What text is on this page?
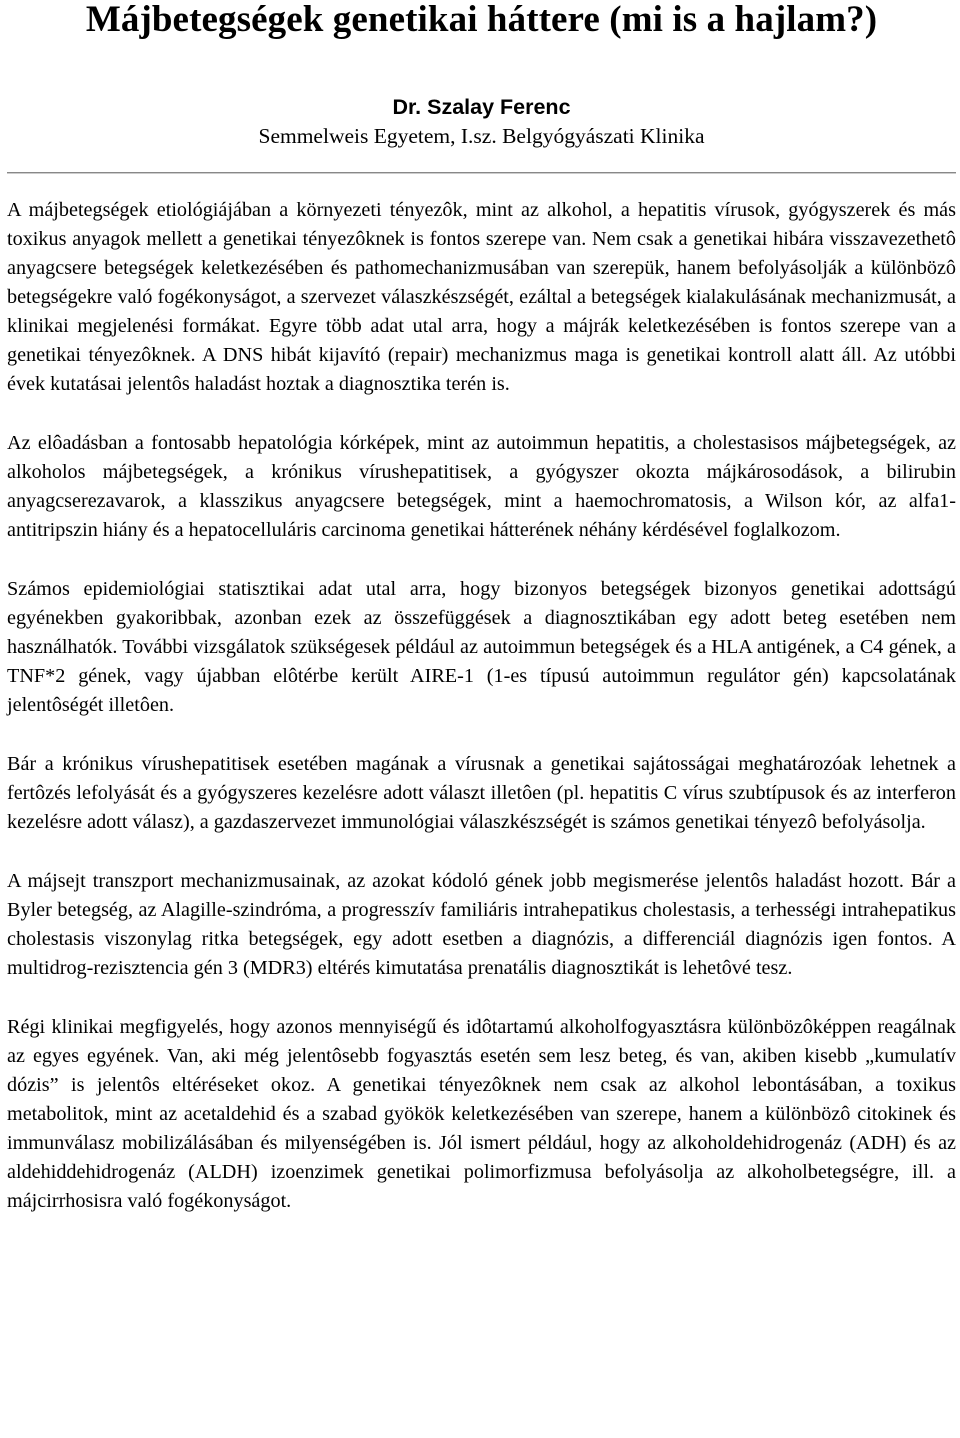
Májbetegségek genetikai háttere (mi is a hajlam?)
Dr. Szalay Ferenc
Semmelweis Egyetem, I.sz. Belgyógyászati Klinika

A májbetegségek etiológiájában a környezeti tényezôk, mint az alkohol, a hepatitis vírusok, gyógyszerek és más toxikus anyagok mellett a genetikai tényezôknek is fontos szerepe van. Nem csak a genetikai hibára visszavezethetô anyagcsere betegségek keletkezésében és pathomechanizmusában van szerepük, hanem befolyásolják a különbözô betegségekre való fogékonyságot, a szervezet válaszkészségét, ezáltal a betegségek kialakulásának mechanizmusát, a klinikai megjelenési formákat. Egyre több adat utal arra, hogy a májrák keletkezésében is fontos szerepe van a genetikai tényezôknek. A DNS hibát kijavító (repair) mechanizmus maga is genetikai kontroll alatt áll. Az utóbbi évek kutatásai jelentôs haladást hoztak a diagnosztika terén is.

Az elôadásban a fontosabb hepatológia kórképek, mint az autoimmun hepatitis, a cholestasisos májbetegségek, az alkoholos májbetegségek, a krónikus vírushepatitisek, a gyógyszer okozta májkárosodások, a bilirubin anyagcserezavarok, a klasszikus anyagcsere betegségek, mint a haemochromatosis, a Wilson kór, az alfa1-antitripszin hiány és a hepatocelluláris carcinoma genetikai hátterének néhány kérdésével foglalkozom.

Számos epidemiológiai statisztikai adat utal arra, hogy bizonyos betegségek bizonyos genetikai adottságú egyénekben gyakoribbak, azonban ezek az összefüggések a diagnosztikában egy adott beteg esetében nem használhatók. További vizsgálatok szükségesek például az autoimmun betegségek és a HLA antigének, a C4 gének, a TNF*2 gének, vagy újabban elôtérbe került AIRE-1 (1-es típusú autoimmun regulátor gén) kapcsolatának jelentôségét illetôen.

Bár a krónikus vírushepatitisek esetében magának a vírusnak a genetikai sajátosságai meghatározóak lehetnek a fertôzés lefolyását és a gyógyszeres kezelésre adott választ illetôen (pl. hepatitis C vírus szubtípusok és az interferon kezelésre adott válasz), a gazdaszervezet immunológiai válaszkészségét is számos genetikai tényezô befolyásolja.

A májsejt transzport mechanizmusainak, az azokat kódoló gének jobb megismerése jelentôs haladást hozott. Bár a Byler betegség, az Alagille-szindróma, a progresszív familiáris intrahepatikus cholestasis, a terhességi intrahepatikus cholestasis viszonylag ritka betegségek, egy adott esetben a diagnózis, a differenciál diagnózis igen fontos. A multidrog-rezisztencia gén 3 (MDR3) eltérés kimutatása prenatális diagnosztikát is lehetôvé tesz.

Régi klinikai megfigyelés, hogy azonos mennyiségű és idôtartamú alkoholfogyasztásra különbözôképpen reagálnak az egyes egyének. Van, aki még jelentôsebb fogyasztás esetén sem lesz beteg, és van, akiben kisebb „kumulatív dózis” is jelentôs eltéréseket okoz. A genetikai tényezôknek nem csak az alkohol lebontásában, a toxikus metabolitok, mint az acetaldehid és a szabad gyökök keletkezésében van szerepe, hanem a különbözô citokinek és immunválasz mobilizálásában és milyenségében is. Jól ismert például, hogy az alkoholdehidrogenáz (ADH) és az aldehiddehidrogenáz (ALDH) izoenzimek genetikai polimorfizmusa befolyásolja az alkoholbetegségre, ill. a májcirrhosisra való fogékonyságot.
